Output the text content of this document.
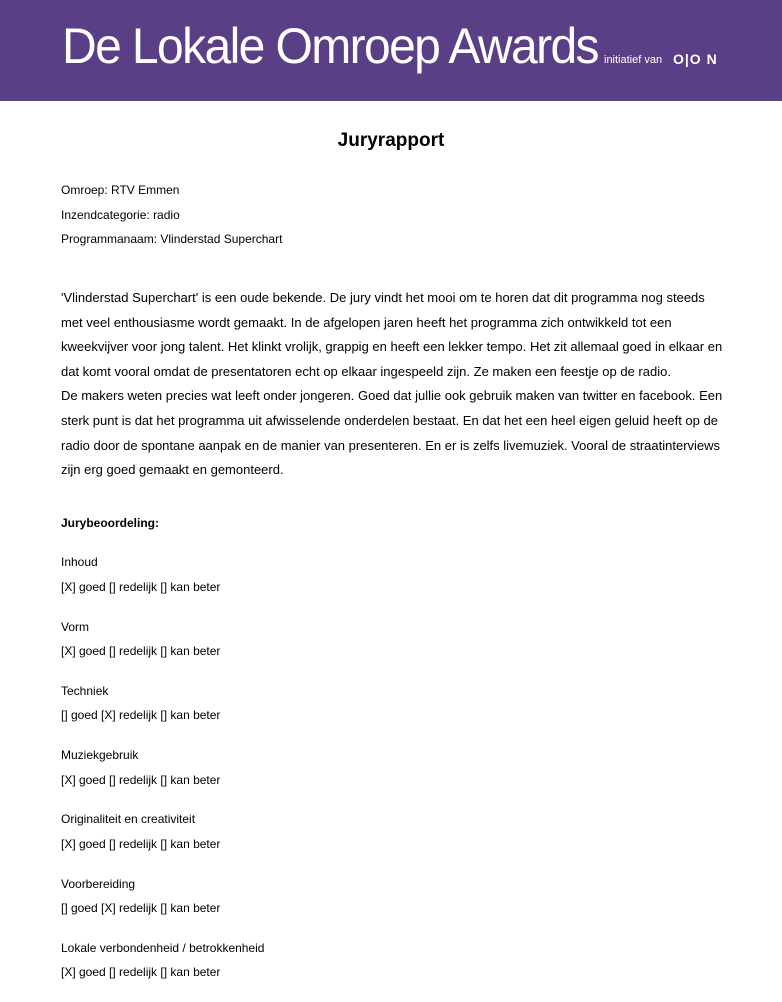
De Lokale Omroep Awards initiatief van O|O N
Juryrapport
Omroep: RTV Emmen
Inzendcategorie: radio
Programmanaam: Vlinderstad Superchart
'Vlinderstad Superchart' is een oude bekende. De jury vindt het mooi om te horen dat dit programma nog steeds
met veel enthousiasme wordt gemaakt. In de afgelopen jaren heeft het programma zich ontwikkeld tot een
kweekvijver voor jong talent. Het klinkt vrolijk, grappig en heeft een lekker tempo. Het zit allemaal goed in elkaar en
dat komt vooral omdat de presentatoren echt op elkaar ingespeeld zijn. Ze maken een feestje op de radio.
De makers weten precies wat leeft onder jongeren. Goed dat jullie ook gebruik maken van twitter en facebook. Een
sterk punt is dat het programma uit afwisselende onderdelen bestaat. En dat het een heel eigen geluid heeft op de
radio door de spontane aanpak en de manier van presenteren. En er is zelfs livemuziek. Vooral de straatinterviews
zijn erg goed gemaakt en gemonteerd.
Jurybeoordeling:
Inhoud
[X] goed [] redelijk [] kan beter
Vorm
[X] goed [] redelijk [] kan beter
Techniek
[] goed [X] redelijk [] kan beter
Muziekgebruik
[X] goed [] redelijk [] kan beter
Originaliteit en creativiteit
[X] goed [] redelijk [] kan beter
Voorbereiding
[] goed [X] redelijk [] kan beter
Lokale verbondenheid / betrokkenheid
[X] goed [] redelijk [] kan beter
